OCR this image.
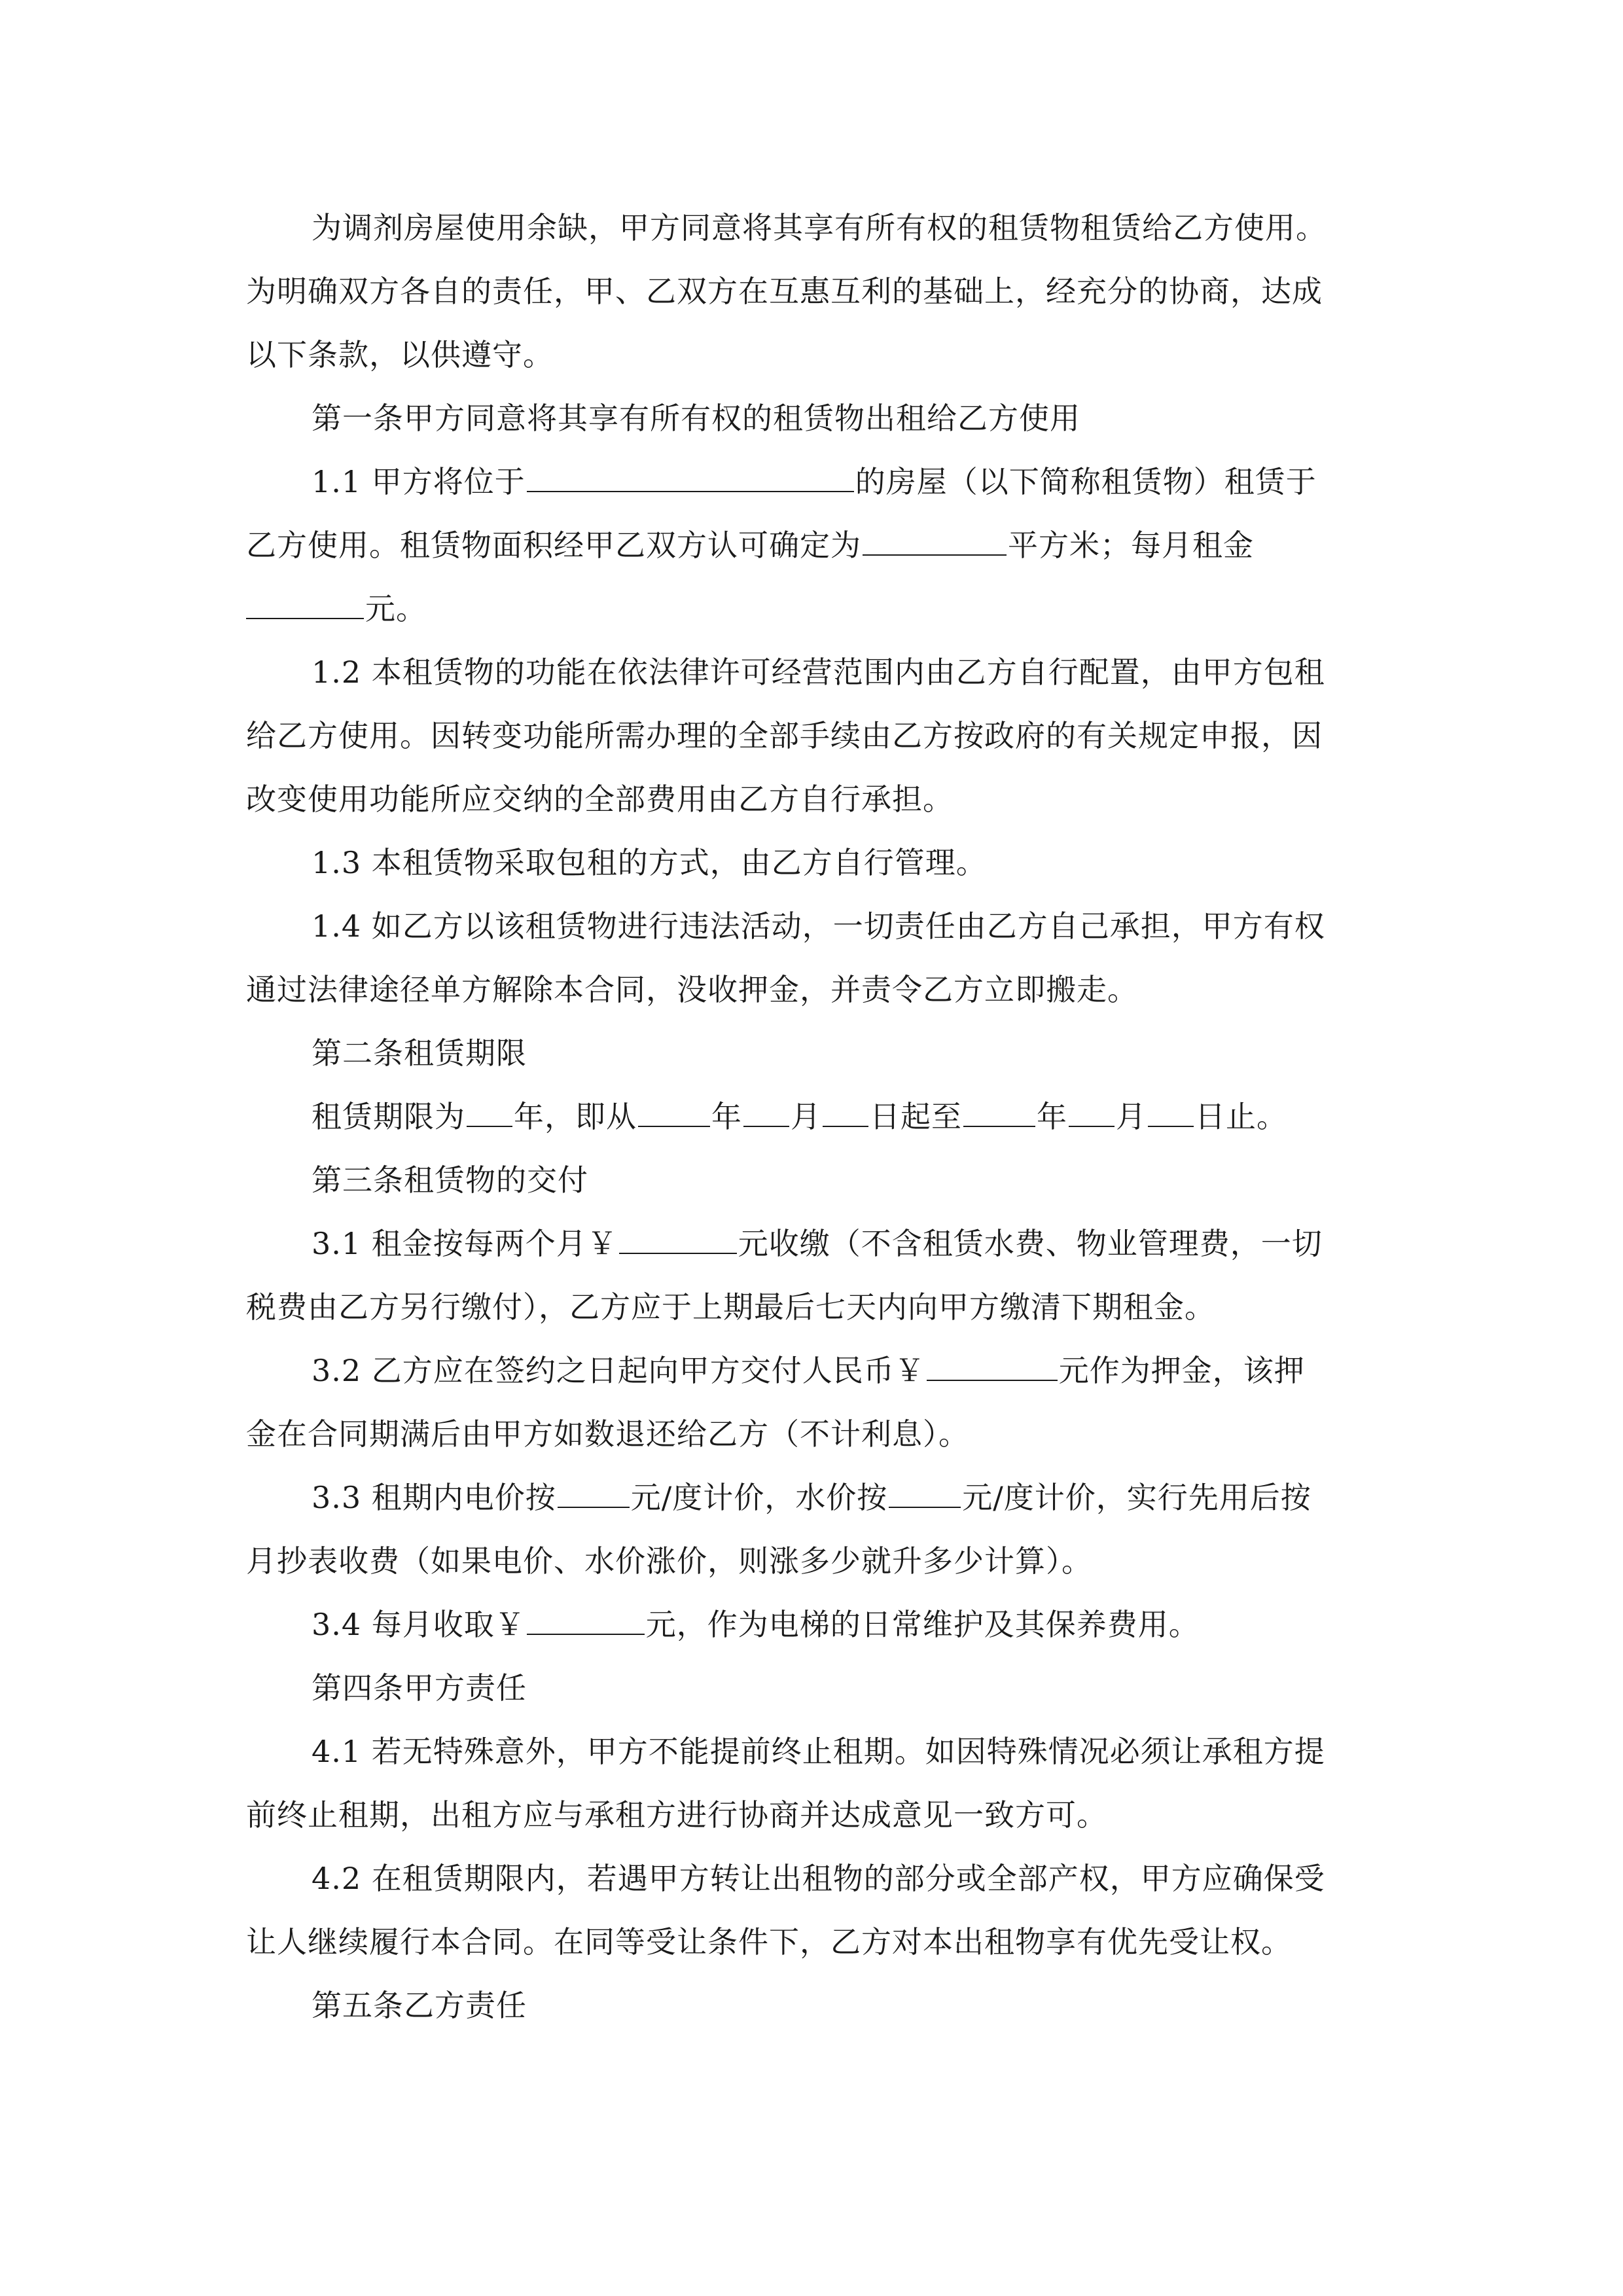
为调剂房屋使用余缺，甲方同意将其享有所有权的租赁物租赁给乙方使用。
为明确双方各自的责任，甲、乙双方在互惠互利的基础上，经充分的协商，达成
以下条款，以供遵守。
第一条甲方同意将其享有所有权的租赁物出租给乙方使用
1.1 甲方将位于	的房屋（以下简称租赁物）租赁于
乙方使用。租赁物面积经甲乙双方认可确定为	平方米；每月租金
元。
1.2 本租赁物的功能在依法律许可经营范围内由乙方自行配置，由甲方包租
给乙方使用。因转变功能所需办理的全部手续由乙方按政府的有关规定申报，因
改变使用功能所应交纳的全部费用由乙方自行承担。
1.3 本租赁物采取包租的方式，由乙方自行管理。
1.4 如乙方以该租赁物进行违法活动，一切责任由乙方自己承担，甲方有权
通过法律途径单方解除本合同，没收押金，并责令乙方立即搬走。
第二条租赁期限
租赁期限为 年，即从 年 月 日起至 年 月 日止。
第三条租赁物的交付
3.1 租金按每两个月￥	元收缴（不含租赁水费、物业管理费，一切
税费由乙方另行缴付），乙方应于上期最后七天内向甲方缴清下期租金。
3.2 乙方应在签约之日起向甲方交付人民币￥	元作为押金，该押
金在合同期满后由甲方如数退还给乙方（不计利息）。
3.3 租期内电价按 元/度计价，水价按 元/度计价，实行先用后按
月抄表收费（如果电价、水价涨价，则涨多少就升多少计算）。
3.4 每月收取￥	元，作为电梯的日常维护及其保养费用。
第四条甲方责任
4.1 若无特殊意外，甲方不能提前终止租期。如因特殊情况必须让承租方提
前终止租期，出租方应与承租方进行协商并达成意见一致方可。
4.2 在租赁期限内，若遇甲方转让出租物的部分或全部产权，甲方应确保受
让人继续履行本合同。在同等受让条件下，乙方对本出租物享有优先受让权。
第五条乙方责任
